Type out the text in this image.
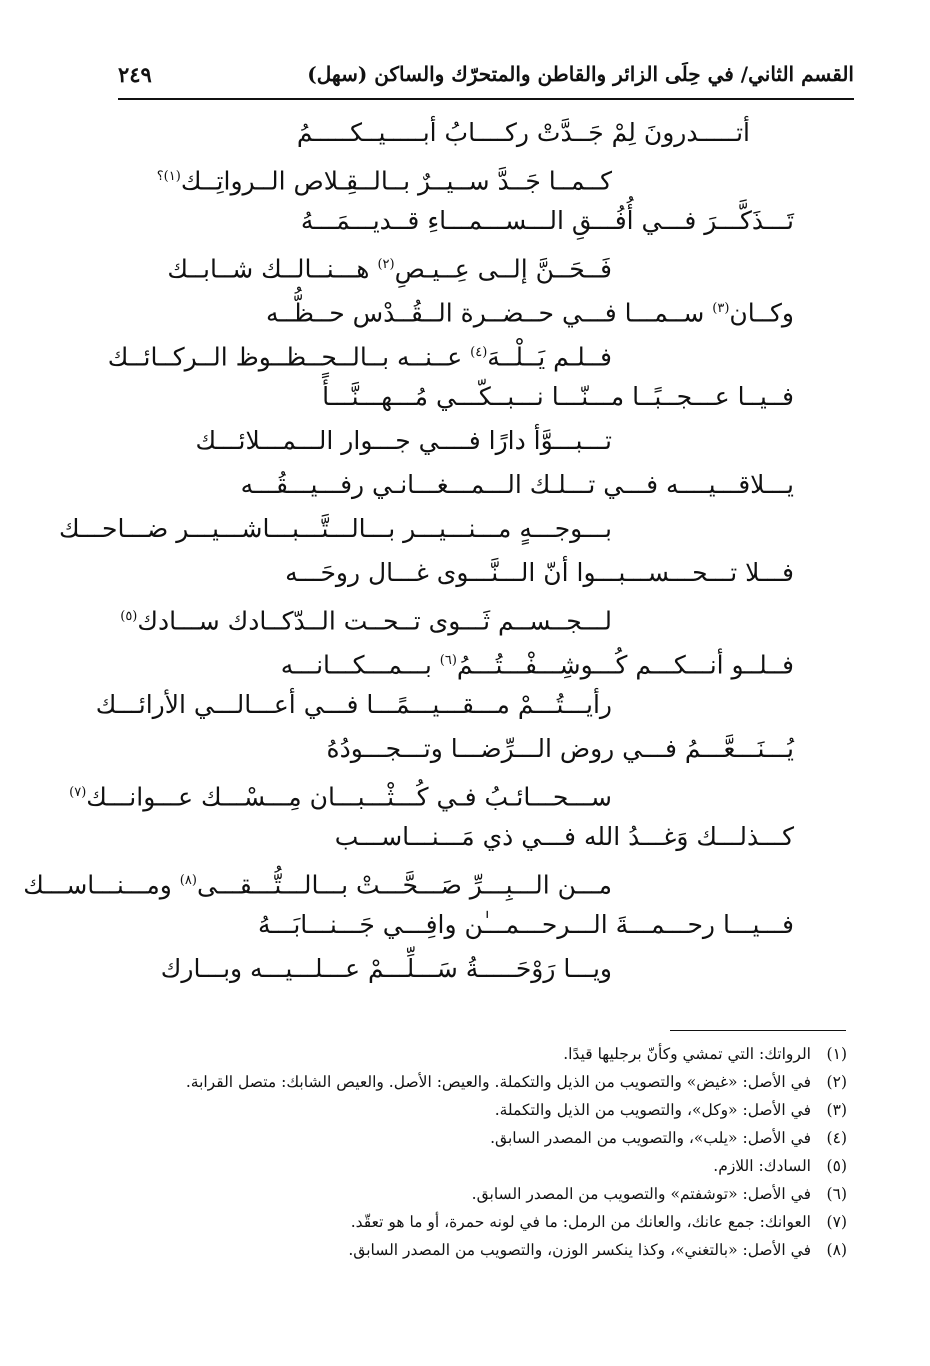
القسم الثاني/ في حِلَى الزائر والقاطن والمتحرّك والساكن (سهل)
٢٤٩
أتـــــدرونَ لِمْ جَــدَّتْ ركــــابُ أبـــــيــكـــــمُ
كــمــا جَــدَّ ســيــرٌ بــالــقِـلاص الــرواتِــك$^{(١)؟}$
تَـــذَكَّـــرَ فـــي أُفُـــقِ الـــســـمـــاءِ قــديـــمَـــهُ
فَــحَــنَّ إلــى عِــيـصِ$^{(٢)}$ هـــنــالــك شــابــك
وكــان$^{(٣)}$ ســمـــا فـــي حــضــرة الــقُــدْس حــظُّــه
فــلـم يَــلْــهَ$^{(٤)}$ عــنــه بــالــحــظــوظ الــركــائــك
فــيــا عـــجــبًــا مـــنّـــا نـــبــكّـــي مُـــهـــنَّـــأً
تـــبـــوَّأ دارًا فــــي جـــوار الـــمـــلائـــك
يـــلاقـــيــــه فـــي تـــلـك الـــمـــغـــانـي رفـــيـــقُـــه
بـــوجـــهٍ مـــنـــيـــر بـــالـــتَّـــبـــاشـــيـــر ضـــاحـــك
فـــلا تـــحـــســـبـــوا أنّ الـــنَّـــوى غـــال روحَـــه
لـــجــســم ثَـــوى تــحــت الــدّكــادك ســـادك$^{(٥)}$
فــلــو أنـــكـــم كُـــوشِـــفْـــتُـــمُ$^{(٦)}$ بـــمـــكـــانـــه
رأيـــتُـــمْ مـــقـــيـــمًـــا فـــي أعـــالـــي الأرائـــك
يُـــنَـــعَّـــمُ فـــي روض الـــرِّضـــا وتـــجـــودُهُ
ســـحـــائـبُ فـي كُـــثْـــبـــان مِـــسْـــك عـــوانـــك$^{(٧)}$
كـــذلـــك وَغـــدُ الله فـــي ذي مَـــنـــاســـب
مـــن الـــبِـــرِّ صَـــحَّـــتْ بـــالـــتُّـــقـــى$^{(٨)}$ ومـــنـــاســـك
فـــيـــا رحـــمـــةَ الـــرحـــمـــٰن وافِـــي جَـــنـــابَـــهُ
ويـــا رَوْحَـــــةُ سَـــلِّـــمْ عـــلـــيـــه وبـــارك
(١)
الرواتك: التي تمشي وكأنّ برجليها قيدًا.
(٢)
في الأصل: «غيض» والتصويب من الذيل والتكملة. والعيص: الأصل. والعيص الشابك: متصل القرابة.
(٣)
في الأصل: «وكل»، والتصويب من الذيل والتكملة.
(٤)
في الأصل: «يلب»، والتصويب من المصدر السابق.
(٥)
السادك: اللازم.
(٦)
في الأصل: «توشفتم» والتصويب من المصدر السابق.
(٧)
العوانك: جمع عانك، والعانك من الرمل: ما في لونه حمرة، أو ما هو تعقّد.
(٨)
في الأصل: «بالتغني»، وكذا ينكسر الوزن، والتصويب من المصدر السابق.
